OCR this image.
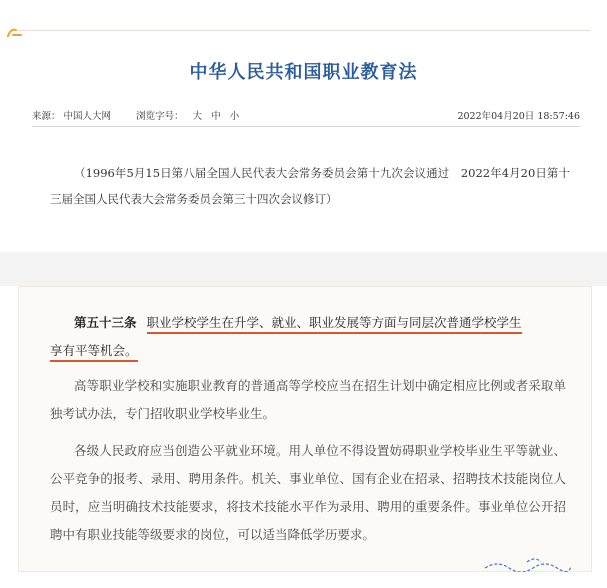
中华人民共和国职业教育法
来源： 中国人大网	浏览字号： 大 中 小	2022年04月20日 18:57:46
（1996年5月15日第八届全国人民代表大会常务委员会第十九次会议通过　2022年4月20日第十三届全国人民代表大会常务委员会第三十四次会议修订）
第五十三条 职业学校学生在升学、就业、职业发展等方面与同层次普通学校学生
享有平等机会。
高等职业学校和实施职业教育的普通高等学校应当在招生计划中确定相应比例或者采取单独考试办法，专门招收职业学校毕业生。
各级人民政府应当创造公平就业环境。用人单位不得设置妨碍职业学校毕业生平等就业、公平竞争的报考、录用、聘用条件。机关、事业单位、国有企业在招录、招聘技术技能岗位人员时，应当明确技术技能要求，将技术技能水平作为录用、聘用的重要条件。事业单位公开招聘中有职业技能等级要求的岗位，可以适当降低学历要求。
